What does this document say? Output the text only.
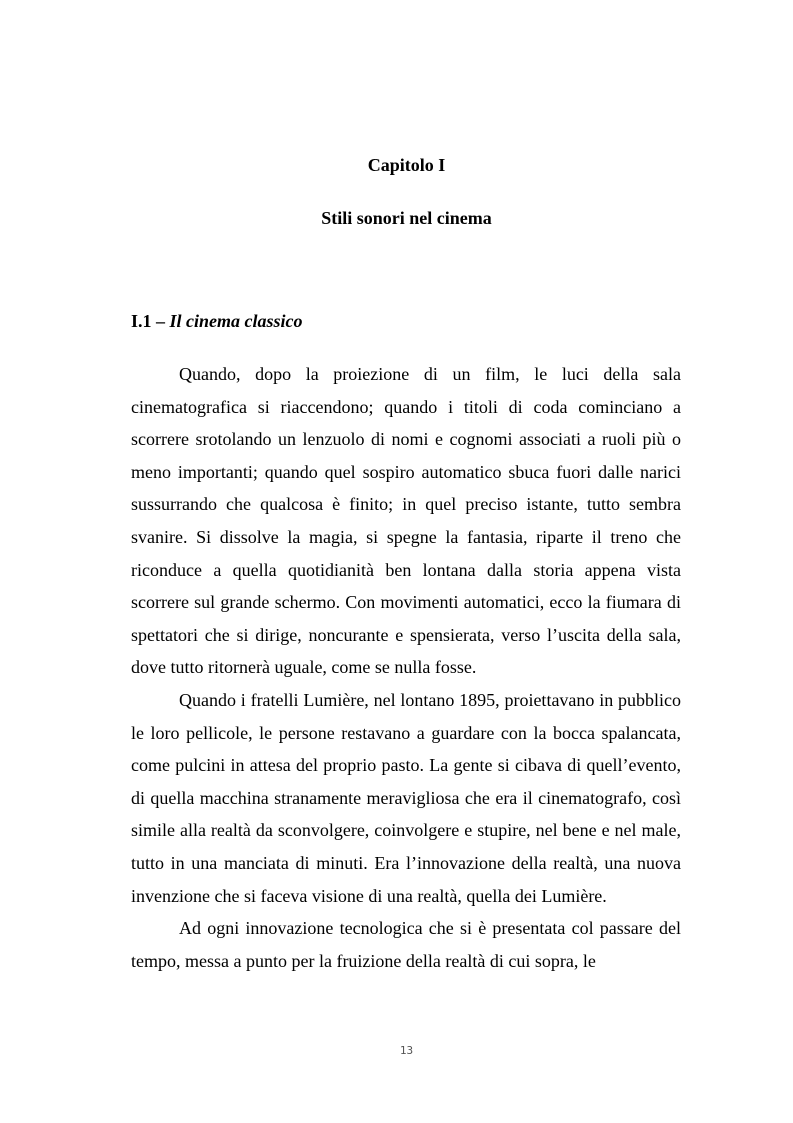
Capitolo I
Stili sonori nel cinema
I.1 – Il cinema classico

Quando, dopo la proiezione di un film, le luci della sala cinematografica si riaccendono; quando i titoli di coda cominciano a scorrere srotolando un lenzuolo di nomi e cognomi associati a ruoli più o meno importanti; quando quel sospiro automatico sbuca fuori dalle narici sussurrando che qualcosa è finito; in quel preciso istante, tutto sembra svanire. Si dissolve la magia, si spegne la fantasia, riparte il treno che riconduce a quella quotidianità ben lontana dalla storia appena vista scorrere sul grande schermo. Con movimenti automatici, ecco la fiumara di spettatori che si dirige, noncurante e spensierata, verso l’uscita della sala, dove tutto ritornerà uguale, come se nulla fosse.

Quando i fratelli Lumière, nel lontano 1895, proiettavano in pubblico le loro pellicole, le persone restavano a guardare con la bocca spalancata, come pulcini in attesa del proprio pasto. La gente si cibava di quell’evento, di quella macchina stranamente meravigliosa che era il cinematografo, così simile alla realtà da sconvolgere, coinvolgere e stupire, nel bene e nel male, tutto in una manciata di minuti. Era l’innovazione della realtà, una nuova invenzione che si faceva visione di una realtà, quella dei Lumière.

Ad ogni innovazione tecnologica che si è presentata col passare del tempo, messa a punto per la fruizione della realtà di cui sopra, le

13
